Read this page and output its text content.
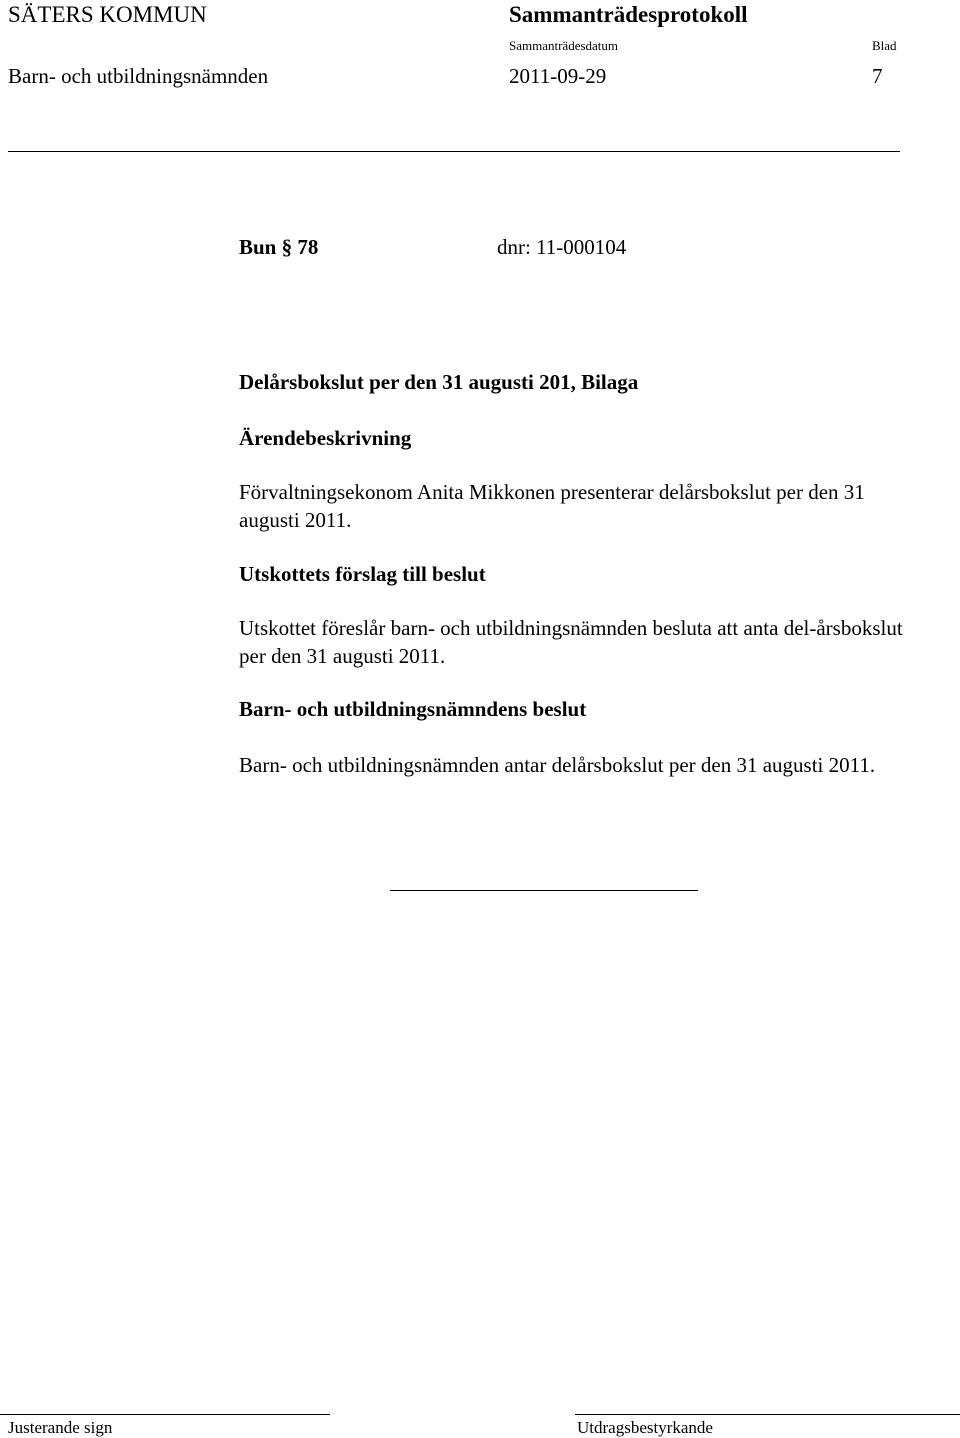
SÄTERS KOMMUN	Sammanträdesprotokoll
Sammanträdesdatum	Blad
Barn- och utbildningsnämnden	2011-09-29	7
Bun § 78	dnr: 11-000104
Delårsbokslut per den 31 augusti 201, Bilaga
Ärendebeskrivning
Förvaltningsekonom Anita Mikkonen presenterar delårsbokslut per den 31 augusti 2011.
Utskottets förslag till beslut
Utskottet föreslår barn- och utbildningsnämnden besluta att anta del-årsbokslut per den 31 augusti 2011.
Barn- och utbildningsnämndens beslut
Barn- och utbildningsnämnden antar delårsbokslut per den 31 augusti 2011.
Justerande sign	Utdragsbestyrkande
